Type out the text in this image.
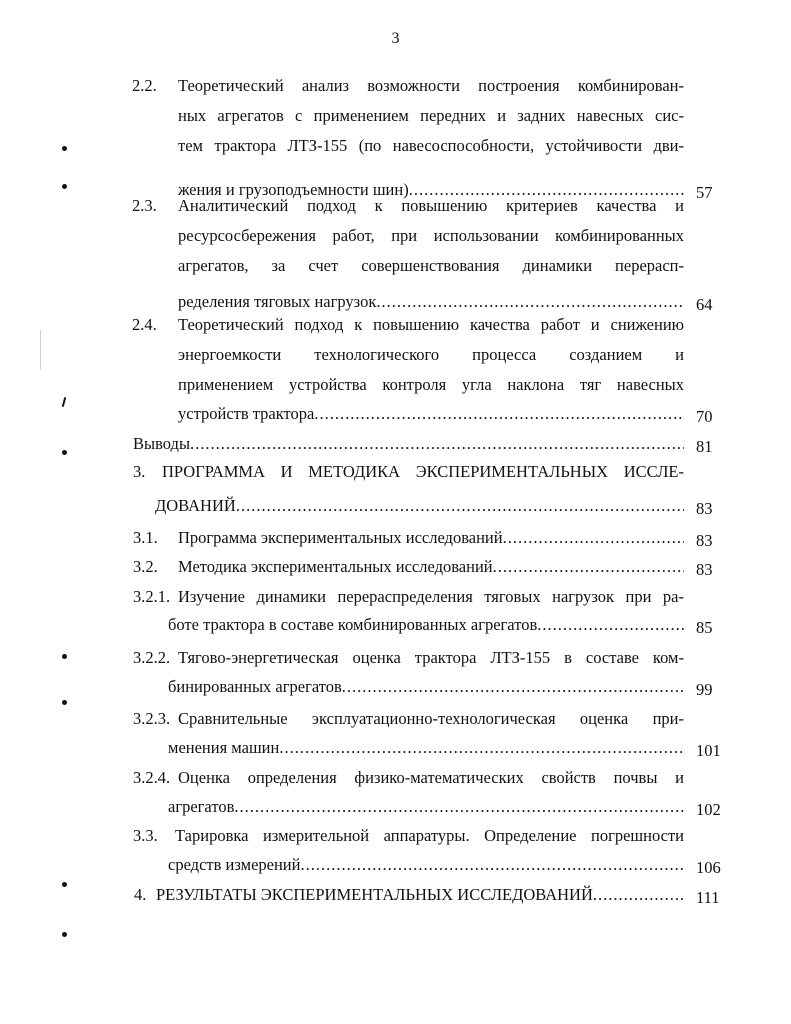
3
2.2. Теоретический анализ возможности построения комбинирован-
ных агрегатов с применением передних и задних навесных сис-
тем трактора ЛТЗ-155 (по навесоспособности, устойчивости дви-
жения и грузоподъемности шин) .....	57
2.3. Аналитический подход к повышению критериев качества и
ресурсосбережения работ, при использовании комбинированных
агрегатов, за счет совершенствования динамики перерасп-
ределения тяговых нагрузок .....	64
2.4. Теоретический подход к повышению качества работ и снижению
энергоемкости технологического процесса созданием и
применением устройства контроля угла наклона тяг навесных
устройств трактора .....	70
Выводы .....	81
3. ПРОГРАММА И МЕТОДИКА ЭКСПЕРИМЕНТАЛЬНЫХ ИССЛЕ-
ДОВАНИЙ .....	83
3.1. Программа экспериментальных исследований .....	83
3.2. Методика экспериментальных исследований .....	83
3.2.1. Изучение динамики перераспределения тяговых нагрузок при ра-
боте трактора в составе комбинированных агрегатов .....	85
3.2.2. Тягово-энергетическая оценка трактора ЛТЗ-155 в составе ком-
бинированных агрегатов .....	99
3.2.3. Сравнительные эксплуатационно-технологическая оценка при-
менения машин .....	101
3.2.4. Оценка определения физико-математических свойств почвы и
агрегатов .....	102
3.3. Тарировка измерительной аппаратуры. Определение погрешности
средств измерений .....	106
4. РЕЗУЛЬТАТЫ ЭКСПЕРИМЕНТАЛЬНЫХ ИССЛЕДОВАНИЙ .....	111
